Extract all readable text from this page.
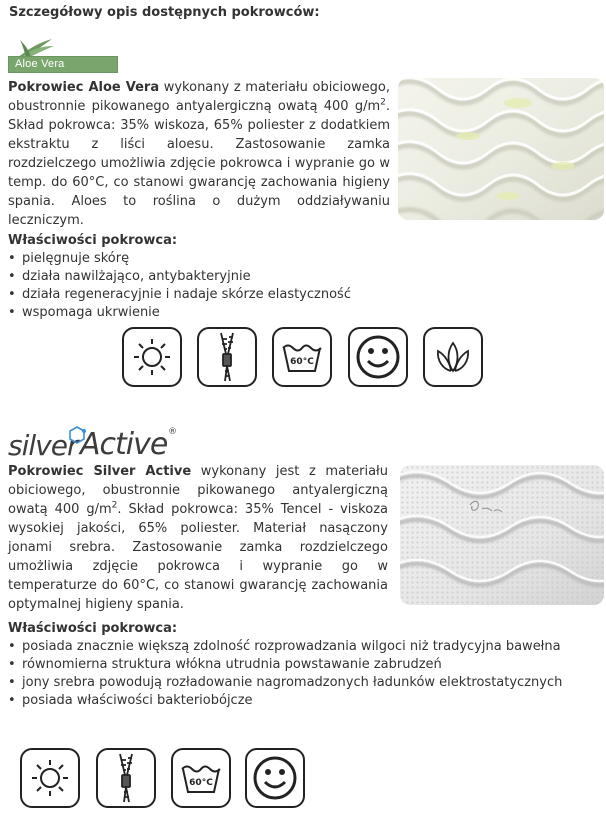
Szczegółowy opis dostępnych pokrowców:
Aloe Vera
Pokrowiec Aloe Vera wykonany z materiału obiciowego, obustronnie pikowanego antyalergiczną owatą 400 $g/m^2$. Skład pokrowca: 35% wiskoza, 65% poliester z dodatkiem ekstraktu z liści aloesu. Zastosowanie zamka rozdzielczego umożliwia zdjęcie pokrowca i wypranie go w temp. do 60°C, co stanowi gwarancję zachowania higieny spania. Aloes to roślina o dużym oddziaływaniu leczniczym.
Właściwości pokrowca:
• pielęgnuje skórę
• działa nawilżająco, antybakteryjnie
• działa regeneracyjnie i nadaje skórze elastyczność
• wspomaga ukrwienie
60°C
silver Active ®
Pokrowiec Silver Active wykonany jest z materiału obiciowego, obustronnie pikowanego antyalergiczną owatą 400 $g/m^2$. Skład pokrowca: 35% Tencel - viskoza wysokiej jakości, 65% poliester. Materiał nasączony jonami srebra. Zastosowanie zamka rozdzielczego umożliwia zdjęcie pokrowca i wypranie go w temperaturze do 60°C, co stanowi gwarancję zachowania optymalnej higieny spania.
Właściwości pokrowca:
• posiada znacznie większą zdolność rozprowadzania wilgoci niż tradycyjna bawełna
• równomierna struktura włókna utrudnia powstawanie zabrudzeń
• jony srebra powodują rozładowanie nagromadzonych ładunków elektrostatycznych
• posiada właściwości bakteriobójcze
60°C
